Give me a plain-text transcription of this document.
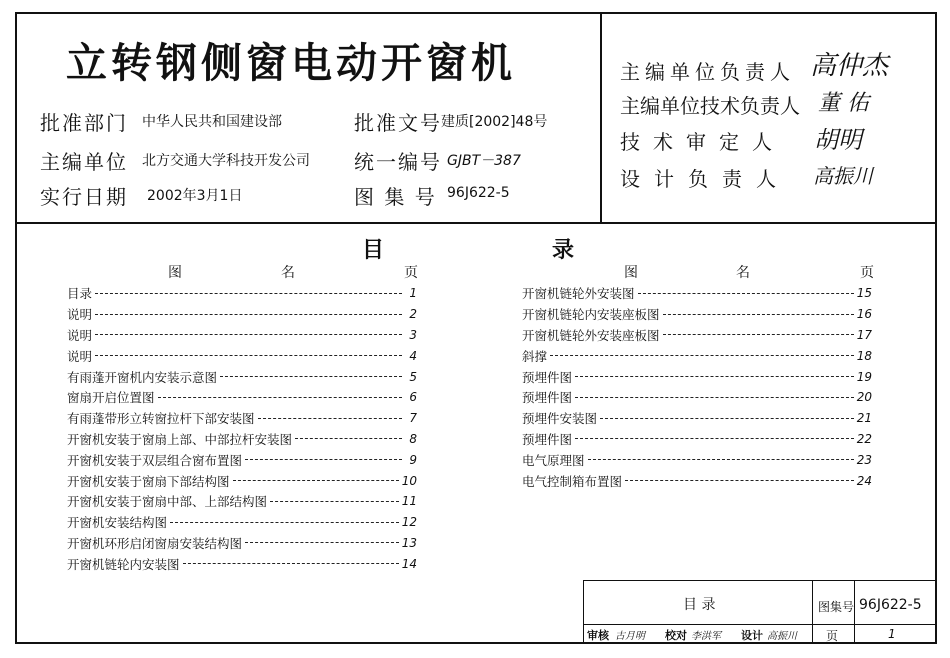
立转钢侧窗电动开窗机
批准部门 中华人民共和国建设部
主编单位 北方交通大学科技开发公司
实行日期 2002年3月1日
批准文号 建质[2002]48号
统一编号 GJBT－387
图 集 号 96J622-5
主编单位负责人 高仲杰
主编单位技术负责人 董 佑
技术审定人 胡明
设计负责人 高振川
目	录
图	名	页	图	名	页
目录	1
说明	2
说明	3
说明	4
有雨蓬开窗机内安装示意图	5
窗扇开启位置图	6
有雨蓬带形立转窗拉杆下部安装图	7
开窗机安装于窗扇上部、中部拉杆安装图	8
开窗机安装于双层组合窗布置图	9
开窗机安装于窗扇下部结构图	10
开窗机安装于窗扇中部、上部结构图	11
开窗机安装结构图	12
开窗机环形启闭窗扇安装结构图	13
开窗机链轮内安装图	14
开窗机链轮外安装图	15
开窗机链轮内安装座板图	16
开窗机链轮外安装座板图	17
斜撑	18
预埋件图	19
预埋件图	20
预埋件安装图	21
预埋件图	22
电气原理图	23
电气控制箱布置图	24
目 录	图集号 96J622-5
审核 古月明 校对 李洪军 设计 高振川 页	1
